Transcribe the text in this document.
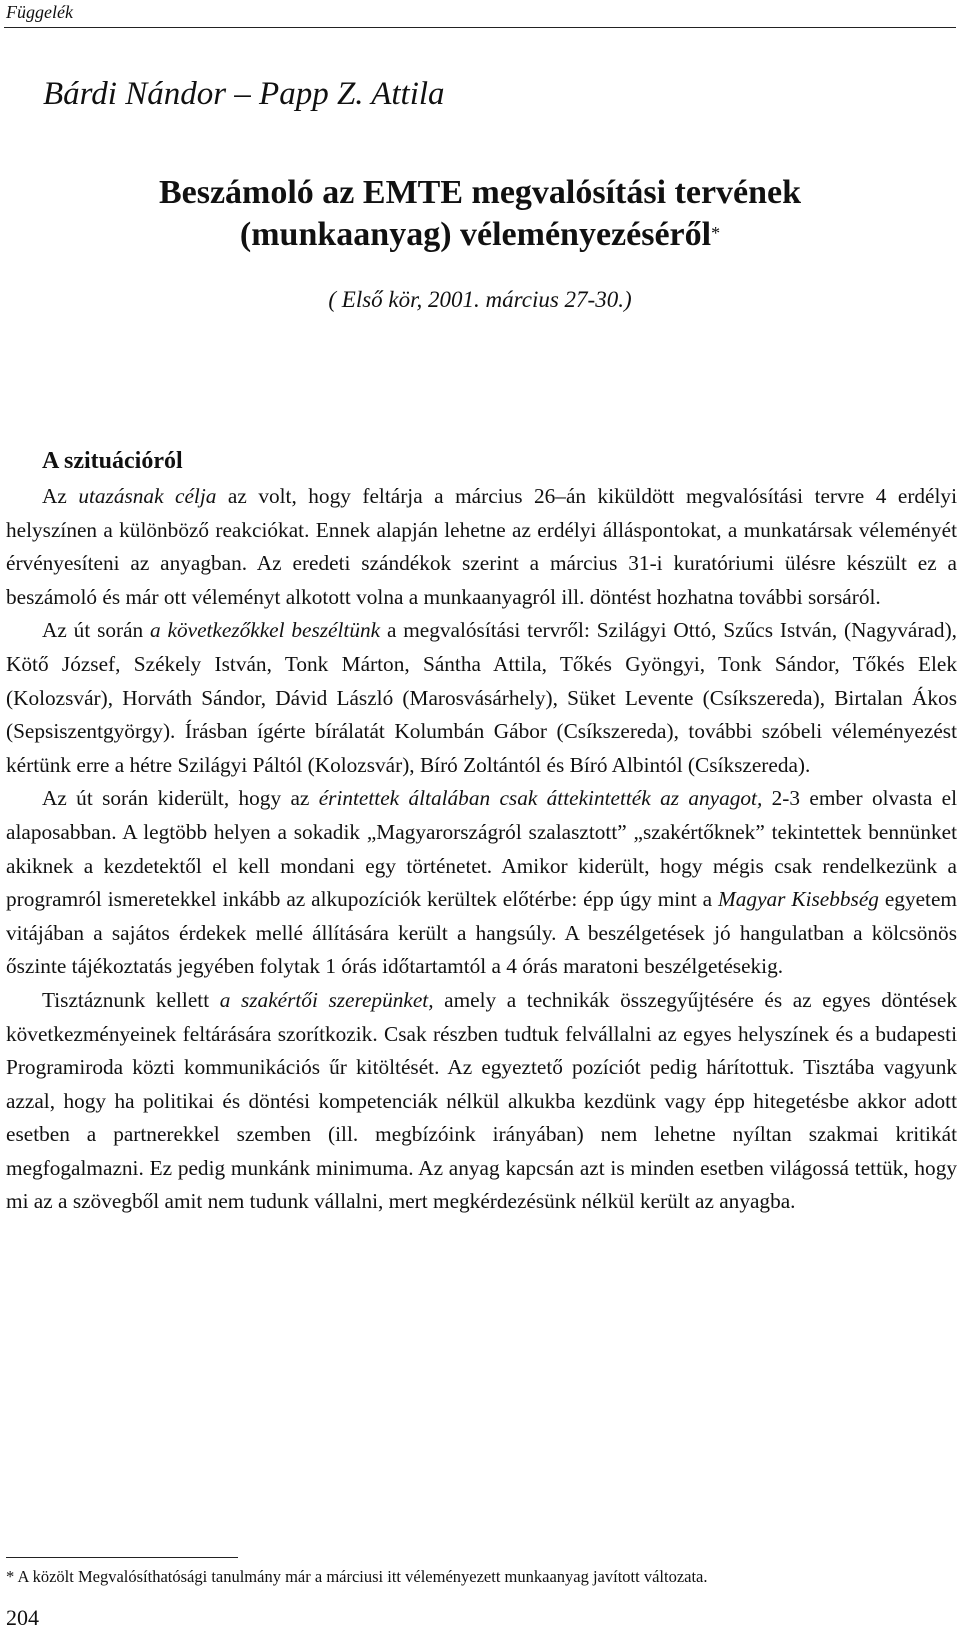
Függelék
Bárdi Nándor – Papp Z. Attila
Beszámoló az EMTE megvalósítási tervének
(munkaanyag) véleményezéséről*
( Első kör, 2001. március 27-30.)
A szituációról

Az utazásnak célja az volt, hogy feltárja a március 26–án kiküldött megvalósítási tervre 4 erdélyi helyszínen a különböző reakciókat. Ennek alapján lehetne az erdélyi álláspontokat, a munkatársak véleményét érvényesíteni az anyagban. Az eredeti szándékok szerint a március 31-i kuratóriumi ülésre készült ez a beszámoló és már ott véleményt alkotott volna a munkaanyagról ill. döntést hozhatna további sorsáról.

Az út során a következőkkel beszéltünk a megvalósítási tervről: Szilágyi Ottó, Szűcs István, (Nagyvárad), Kötő József, Székely István, Tonk Márton, Sántha Attila, Tőkés Gyöngyi, Tonk Sándor, Tőkés Elek (Kolozsvár), Horváth Sándor, Dávid László (Marosvásárhely), Süket Levente (Csíkszereda), Birtalan Ákos (Sepsiszentgyörgy). Írásban ígérte bírálatát Kolumbán Gábor (Csíkszereda), további szóbeli véleményezést kértünk erre a hétre Szilágyi Páltól (Kolozsvár), Bíró Zoltántól és Bíró Albintól (Csíkszereda).

Az út során kiderült, hogy az érintettek általában csak áttekintették az anyagot, 2-3 ember olvasta el alaposabban. A legtöbb helyen a sokadik „Magyarországról szalasztott” „szakértőknek” tekintettek bennünket akiknek a kezdetektől el kell mondani egy történetet. Amikor kiderült, hogy mégis csak rendelkezünk a programról ismeretekkel inkább az alkupozíciók kerültek előtérbe: épp úgy mint a Magyar Kisebbség egyetem vitájában a sajátos érdekek mellé állítására került a hangsúly. A beszélgetések jó hangulatban a kölcsönös őszinte tájékoztatás jegyében folytak 1 órás időtartamtól a 4 órás maratoni beszélgetésekig.

Tisztáznunk kellett a szakértői szerepünket, amely a technikák összegyűjtésére és az egyes döntések következményeinek feltárására szorítkozik. Csak részben tudtuk felvállalni az egyes helyszínek és a budapesti Programiroda közti kommunikációs űr kitöltését. Az egyeztető pozíciót pedig hárítottuk. Tisztába vagyunk azzal, hogy ha politikai és döntési kompetenciák nélkül alkukba kezdünk vagy épp hitegetésbe akkor adott esetben a partnerekkel szemben (ill. megbízóink irányában) nem lehetne nyíltan szakmai kritikát megfogalmazni. Ez pedig munkánk minimuma. Az anyag kapcsán azt is minden esetben világossá tettük, hogy mi az a szövegből amit nem tudunk vállalni, mert megkérdezésünk nélkül került az anyagba.

* A közölt Megvalósíthatósági tanulmány már a márciusi itt véleményezett munkaanyag javított változata.
204
